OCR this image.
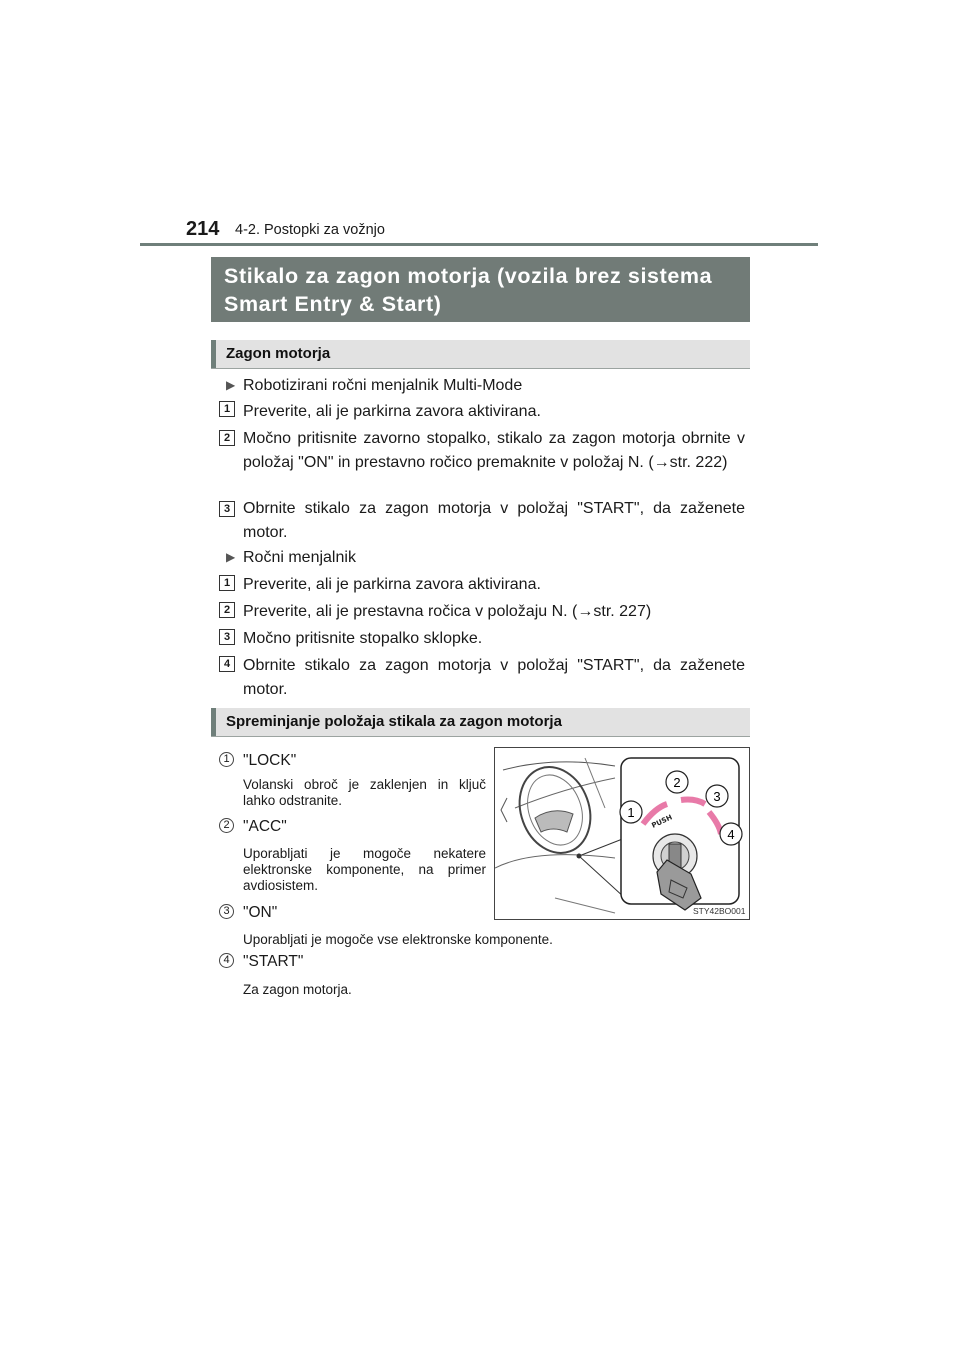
214 4-2. Postopki za vožnjo
Stikalo za zagon motorja (vozila brez sistema Smart Entry & Start)
Zagon motorja
▶ Robotizirani ročni menjalnik Multi-Mode
1 Preverite, ali je parkirna zavora aktivirana.
2 Močno pritisnite zavorno stopalko, stikalo za zagon motorja obrnite v položaj "ON" in prestavno ročico premaknite v položaj N. (→str. 222)
3 Obrnite stikalo za zagon motorja v položaj "START", da zaženete motor.
▶ Ročni menjalnik
1 Preverite, ali je parkirna zavora aktivirana.
2 Preverite, ali je prestavna ročica v položaju N. (→str. 227)
3 Močno pritisnite stopalko sklopke.
4 Obrnite stikalo za zagon motorja v položaj "START", da zaženete motor.
Spreminjanje položaja stikala za zagon motorja
1 "LOCK"
Volanski obroč je zaklenjen in ključ lahko odstranite.
2 "ACC"
Uporabljati je mogoče nekatere elektronske komponente, na primer avdiosistem.
3 "ON"
Uporabljati je mogoče vse elektronske komponente.
4 "START"
Za zagon motorja.
PUSH
1
2
3
4
STY42BO001
